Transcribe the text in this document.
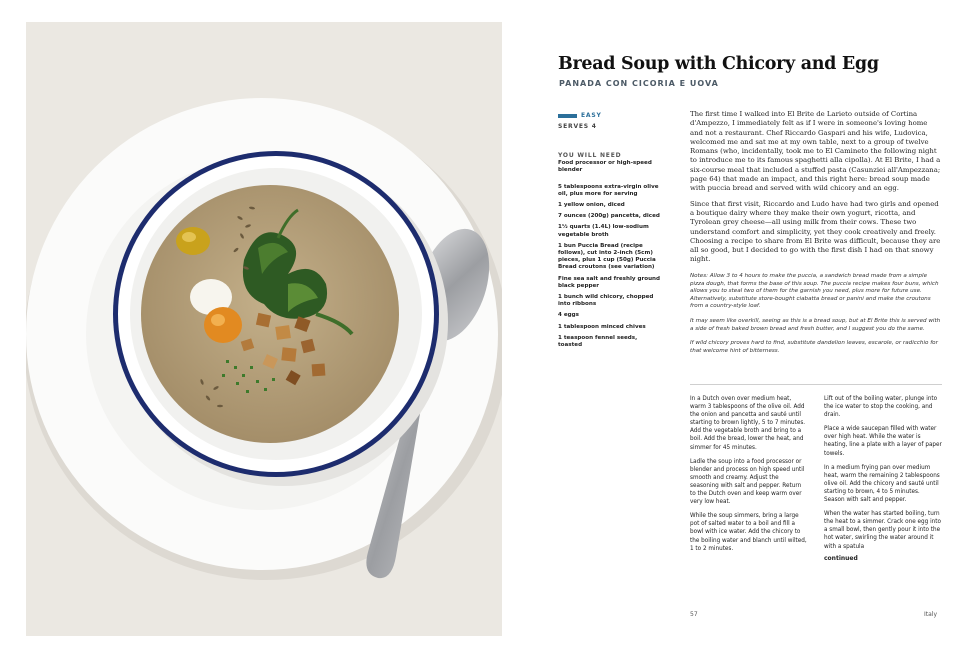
Bread Soup with Chicory and Egg
PANADA CON CICORIA E UOVA
EASY
SERVES 4
YOU WILL NEED
Food processor or high-speed blender
5 tablespoons extra-virgin olive oil, plus more for serving
1 yellow onion, diced
7 ounces (200g) pancetta, diced
1½ quarts (1.4L) low-sodium vegetable broth
1 bun Puccia Bread (recipe follows), cut into 2-inch (5cm) pieces, plus 1 cup (50g) Puccia Bread croutons (see variation)
Fine sea salt and freshly ground black pepper
1 bunch wild chicory, chopped into ribbons
4 eggs
1 tablespoon minced chives
1 teaspoon fennel seeds, toasted

The first time I walked into El Brite de Larieto outside of Cortina d'Ampezzo, I immediately felt as if I were in someone's loving home and not a restaurant. Chef Riccardo Gaspari and his wife, Ludovica, welcomed me and sat me at my own table, next to a group of twelve Romans (who, incidentally, took me to El Camineto the following night to introduce me to its famous spaghetti alla cipolla). At El Brite, I had a six-course meal that included a stuffed pasta (Casunziei all'Ampezzana; page 64) that made an impact, and this right here: bread soup made with puccia bread and served with wild chicory and an egg.

Since that first visit, Riccardo and Ludo have had two girls and opened a boutique dairy where they make their own yogurt, ricotta, and Tyrolean grey cheese—all using milk from their cows. These two understand comfort and simplicity, yet they cook creatively and freely. Choosing a recipe to share from El Brite was difficult, because they are all so good, but I decided to go with the first dish I had on that snowy night.

Notes: Allow 3 to 4 hours to make the puccia, a sandwich bread made from a simple pizza dough, that forms the base of this soup. The puccia recipe makes four buns, which allows you to steal two of them for the garnish you need, plus more for future use. Alternatively, substitute store-bought ciabatta bread or panini and make the croutons from a country-style loaf.

It may seem like overkill, seeing as this is a bread soup, but at El Brite this is served with a side of fresh baked brown bread and fresh butter, and I suggest you do the same.

If wild chicory proves hard to find, substitute dandelion leaves, escarole, or radicchio for that welcome hint of bitterness.

In a Dutch oven over medium heat, warm 3 tablespoons of the olive oil. Add the onion and pancetta and sauté until starting to brown lightly, 5 to 7 minutes. Add the vegetable broth and bring to a boil. Add the bread, lower the heat, and simmer for 45 minutes.

Ladle the soup into a food processor or blender and process on high speed until smooth and creamy. Adjust the seasoning with salt and pepper. Return to the Dutch oven and keep warm over very low heat.

While the soup simmers, bring a large pot of salted water to a boil and fill a bowl with ice water. Add the chicory to the boiling water and blanch until wilted, 1 to 2 minutes.

Lift out of the boiling water, plunge into the ice water to stop the cooking, and drain.

Place a wide saucepan filled with water over high heat. While the water is heating, line a plate with a layer of paper towels.

In a medium frying pan over medium heat, warm the remaining 2 tablespoons olive oil. Add the chicory and sauté until starting to brown, 4 to 5 minutes. Season with salt and pepper.

When the water has started boiling, turn the heat to a simmer. Crack one egg into a small bowl, then gently pour it into the hot water, swirling the water around it with a spatula

continued
57	Italy
